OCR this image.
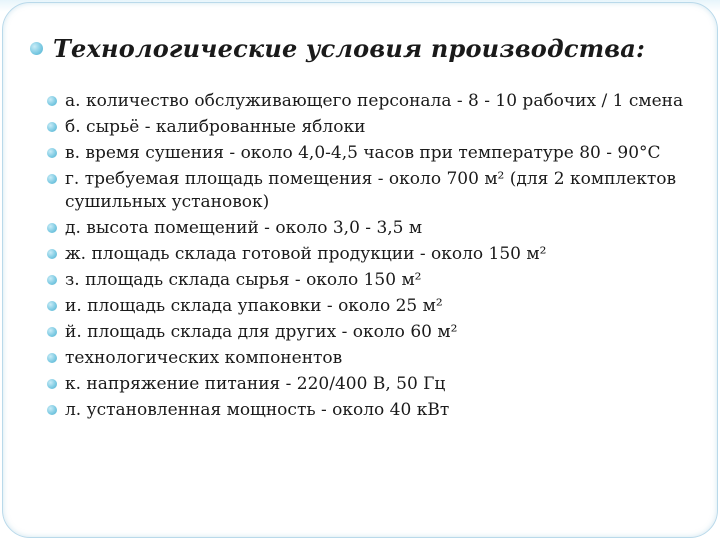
Технологические условия производства:
а. количество обслуживающего персонала - 8 - 10 рабочих / 1 смена
б. сырьё - калиброванные яблоки
в. время сушения - около 4,0-4,5 часов при температуре 80 - 90°С
г. требуемая площадь помещения - около 700 м² (для 2 комплектов сушильных установок)
д. высота помещений - около 3,0 - 3,5 м
ж. площадь склада готовой продукции - около 150 м²
з. площадь склада сырья - около 150 м²
и. площадь склада упаковки - около 25 м²
й. площадь склада для других - около 60 м²
технологических компонентов
к. напряжение питания - 220/400 В, 50 Гц
л. установленная мощность - около 40 кВт
